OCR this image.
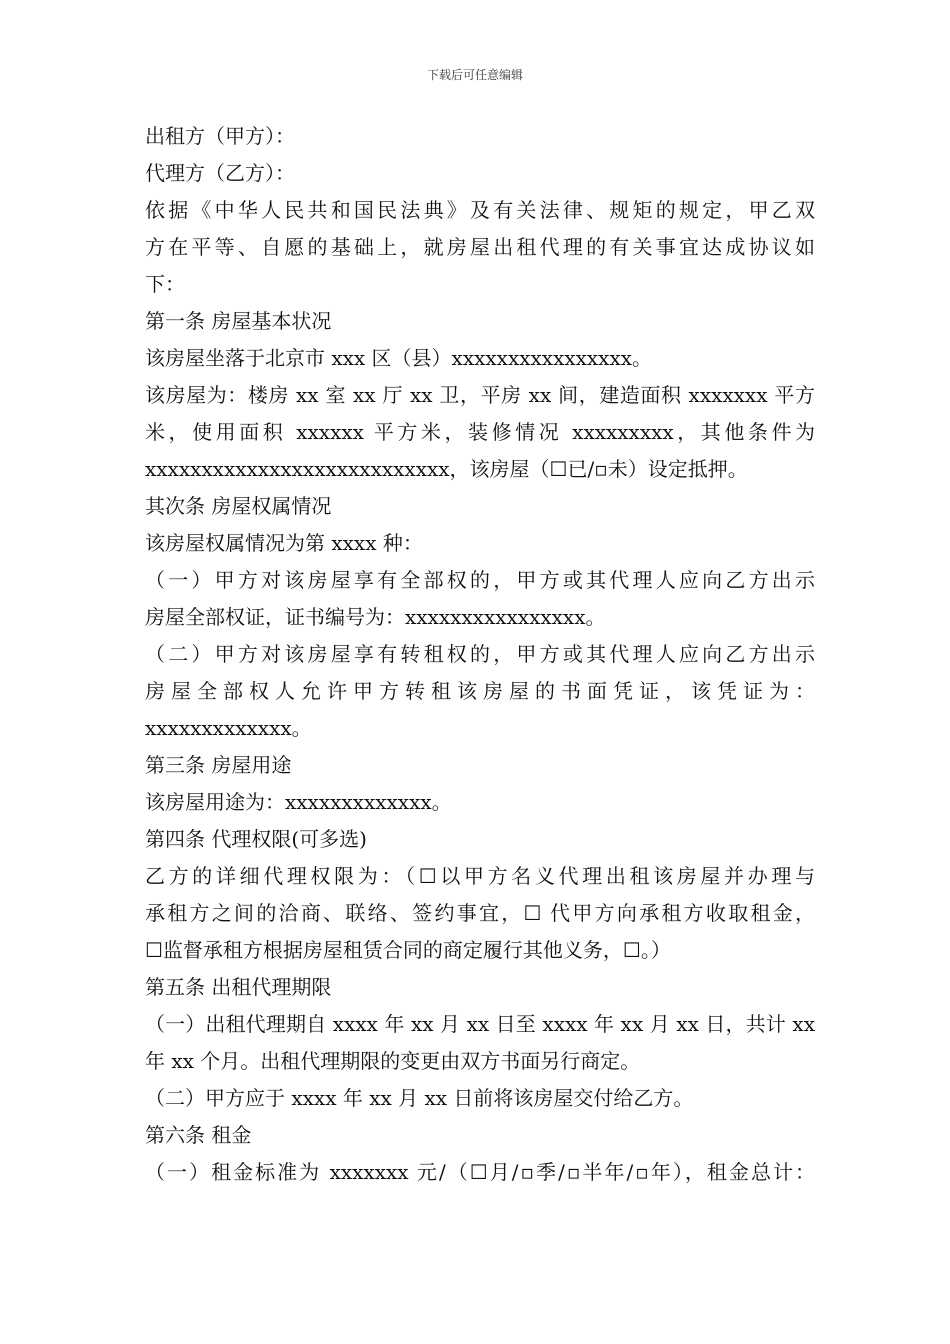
下载后可任意编辑
出租方（甲方）：
代理方（乙方）：
依据《中华人民共和国民法典》及有关法律、规矩的规定，甲乙双
方在平等、自愿的基础上，就房屋出租代理的有关事宜达成协议如
下：
第一条 房屋基本状况
该房屋坐落于北京市 xxx 区（县）xxxxxxxxxxxxxxxx。
该房屋为：楼房 xx 室 xx 厅 xx 卫，平房 xx 间，建造面积 xxxxxxx 平方
米，使用面积 xxxxxx 平方米，装修情况 xxxxxxxxx，其他条件为
xxxxxxxxxxxxxxxxxxxxxxxxxxx，该房屋（☐已/▫未）设定抵押。
其次条 房屋权属情况
该房屋权属情况为第 xxxx 种：
（一）甲方对该房屋享有全部权的，甲方或其代理人应向乙方出示
房屋全部权证，证书编号为：xxxxxxxxxxxxxxxx。
（二）甲方对该房屋享有转租权的，甲方或其代理人应向乙方出示
房屋全部权人允许甲方转租该房屋的书面凭证，该凭证为：
xxxxxxxxxxxxx。
第三条 房屋用途
该房屋用途为：xxxxxxxxxxxxx。
第四条 代理权限(可多选)
乙方的详细代理权限为：（☐以甲方名义代理出租该房屋并办理与
承租方之间的洽商、联络、签约事宜，☐ 代甲方向承租方收取租金，
☐监督承租方根据房屋租赁合同的商定履行其他义务，☐。）
第五条 出租代理期限
（一）出租代理期自 xxxx 年 xx 月 xx 日至 xxxx 年 xx 月 xx 日，共计 xx
年 xx 个月。出租代理期限的变更由双方书面另行商定。
（二）甲方应于 xxxx 年 xx 月 xx 日前将该房屋交付给乙方。
第六条 租金
（一）租金标准为 xxxxxxx 元/（☐月/▫季/▫半年/▫年），租金总计：
